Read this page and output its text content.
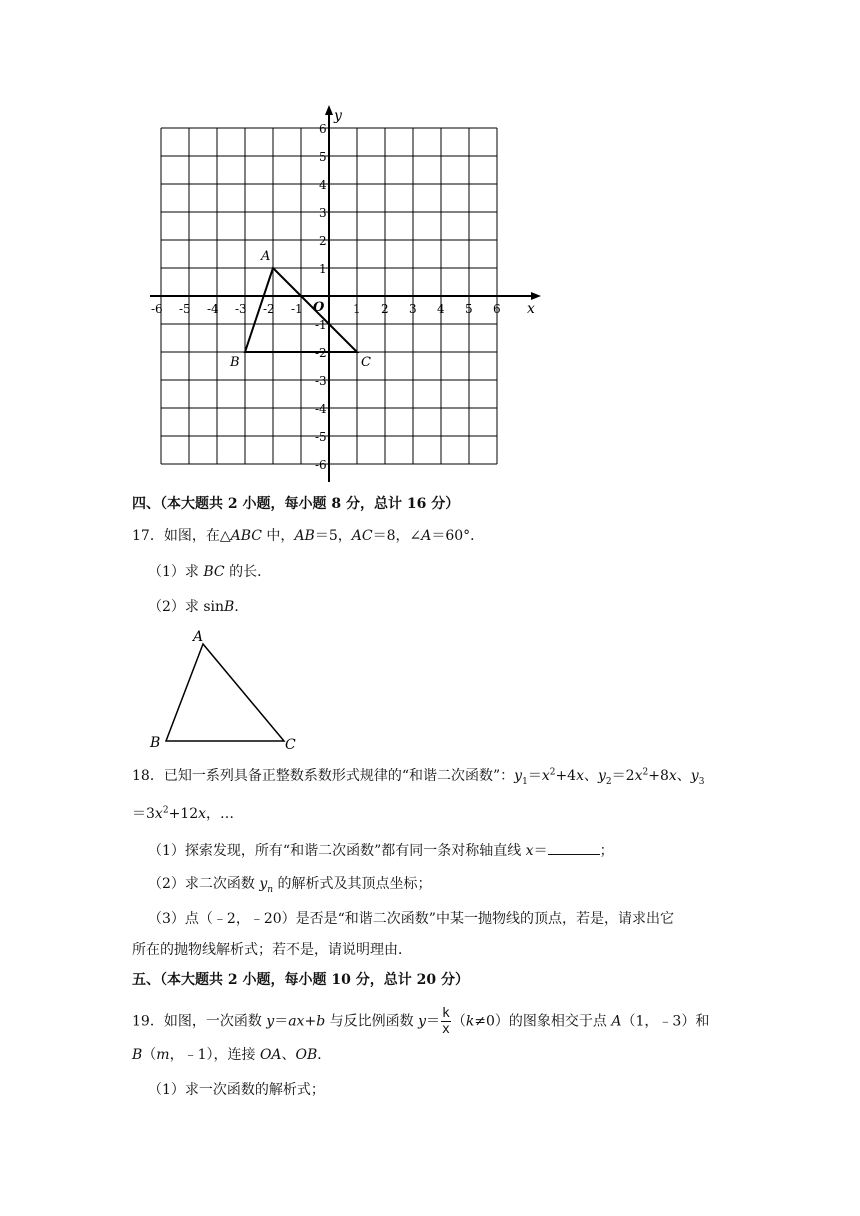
y
x
O
-6 -5 -4 -3 -2 -1	1 2 3 4 5 6
6
5
4
3
2
1
-1
-2
-3
-4
-5
-6
A
B	C
四、（本大题共 2 小题，每小题 8 分，总计 16 分）
17．如图，在△ABC 中，AB＝5，AC＝8，∠A＝60°．
（1）求 BC 的长．
（2）求 sinB．
A
B	C
18．已知一系列具备正整数系数形式规律的“和谐二次函数”：$y_1=x^2+4x$、$y_2=2x^2+8x$、$y_3$
$=3x^2+12x$，…
（1）探索发现，所有“和谐二次函数”都有同一条对称轴直线 x＝	；
（2）求二次函数 $y_n$ 的解析式及其顶点坐标；
（3）点（﹣2，﹣20）是否是“和谐二次函数”中某一抛物线的顶点，若是，请求出它
所在的抛物线解析式；若不是，请说明理由．
五、（本大题共 2 小题，每小题 10 分，总计 20 分）
19．如图，一次函数 y＝ax+b 与反比例函数 $y= \frac{k}{x} (k\ne 0)$的图象相交于点 A（1，﹣3）和
B（m，﹣1），连接 OA、OB．
（1）求一次函数的解析式；
